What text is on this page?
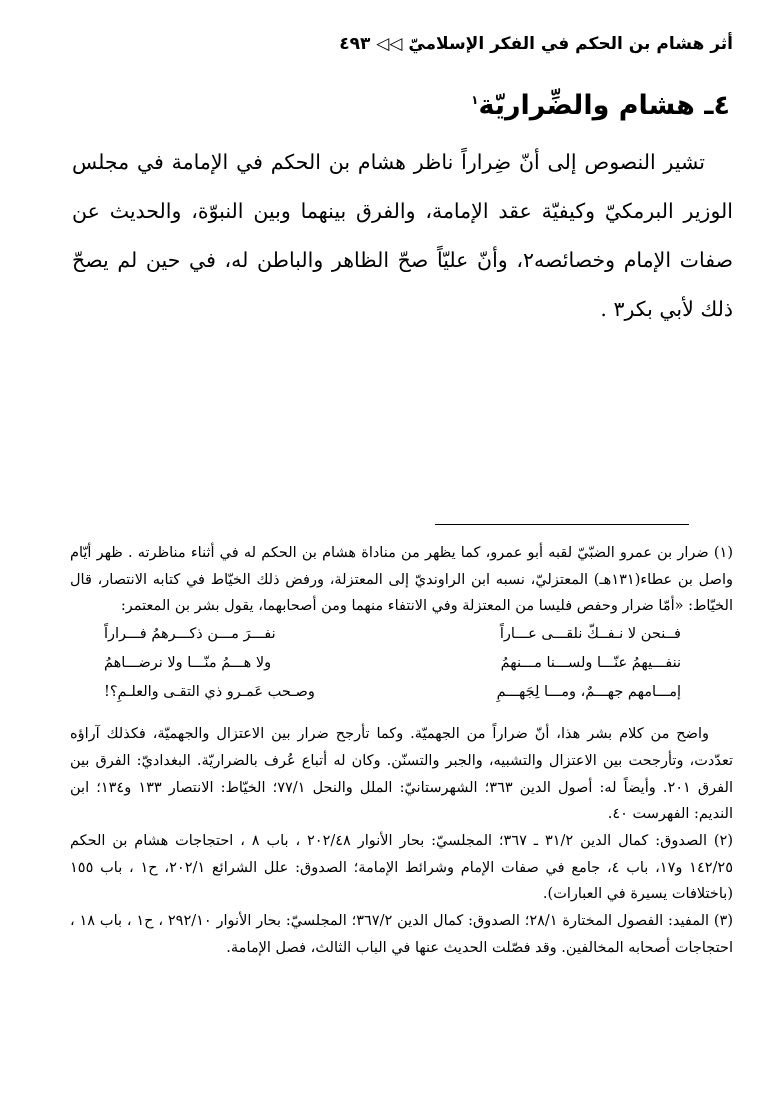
أثر هشام بن الحكم في الفكر الإسلاميّ ◁◁ ٤٩٣
٤ـ هشام والضِّراريّة$^١$

تشير النصوص إلى أنّ ضِراراً ناظر هشام بن الحكم في الإمامة في مجلس الوزير البرمكيّ وكيفيّة عقد الإمامة، والفرق بينهما وبين النبوّة، والحديث عن صفات الإمام وخصائصه٢، وأنّ عليّاً صحّ الظاهر والباطن له، في حين لم يصحّ ذلك لأبي بكر٣ .

(١) ضرار بن عمرو الضبّيّ لقبه أبو عمرو، كما يظهر من مناداة هشام بن الحكم له في أثناء مناظرته . ظهر أيّام واصل بن عطاء(١٣١هـ) المعتزليّ، نسبه ابن الراونديّ إلى المعتزلة، ورفض ذلك الخيّاط في كتابه الانتصار، قال الخيّاط: «أمّا ضرار وحفص فليسا من المعتزلة وفي الانتفاء منهما ومن أصحابهما، يقول بشر بن المعتمر:

فــنحن لا نـفــكّ نلقـــى عـــاراً
نفـــرَ مـــن ذكـــرهمُ فـــراراً
ننفـــيهمُ عنّـــا ولســـنا مـــنهمُ
ولا هـــمُ منّـــا ولا نرضـــاهمُ
إمـــامهم جهـــمٌ، ومـــا لِجَهـــمِ
وصـحب عَمـرو ذي التقـى والعلـمِ؟!

واضح من كلام بشر هذا، أنّ ضراراً من الجهميّة. وكما تأرجح ضرار بين الاعتزال والجهميّة، فكذلك آراؤه تعدّدت، وتأرجحت بين الاعتزال والتشبيه، والجبر والتسنّن. وكان له أتباع عُرف بالضراريّة. البغداديّ: الفرق بين الفرق ٢٠١. وأيضاً له: أصول الدين ٣٦٣؛ الشهرستانيّ: الملل والنحل ٧٧/١؛ الخيّاط: الانتصار ١٣٣ و١٣٤؛ ابن النديم: الفهرست ٤٠.

(٢) الصدوق: كمال الدين ٣١/٢ ـ ٣٦٧؛ المجلسيّ: بحار الأنوار ٢٠٢/٤٨ ، باب ٨ ، احتجاجات هشام بن الحكم ١٤٢/٢٥ و١٧، باب ٤، جامع في صفات الإمام وشرائط الإمامة؛ الصدوق: علل الشرائع ٢٠٢/١، ح١ ، باب ١٥٥ (باختلافات يسيرة في العبارات).

(٣) المفيد: الفصول المختارة ٢٨/١؛ الصدوق: كمال الدين ٣٦٧/٢؛ المجلسيّ: بحار الأنوار ٢٩٢/١٠ ، ح١ ، باب ١٨ ، احتجاجات أصحابه المخالفين. وقد فصّلت الحديث عنها في الباب الثالث، فصل الإمامة.
